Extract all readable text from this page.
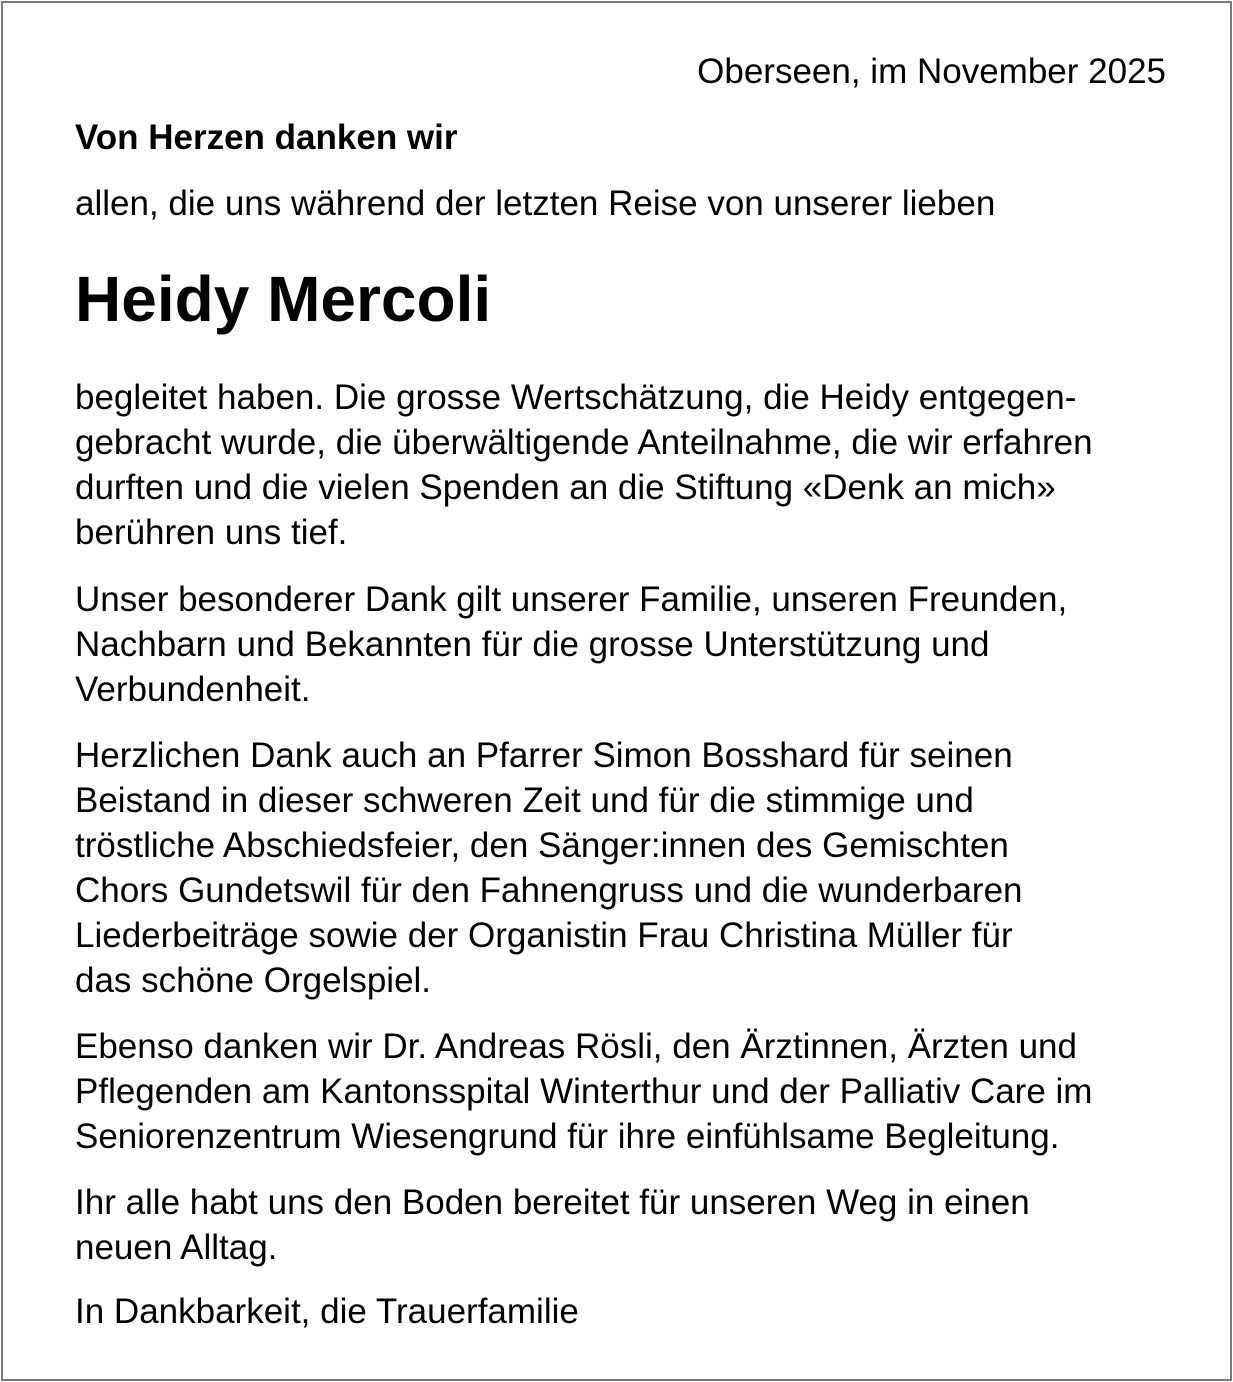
Oberseen, im November 2025
Von Herzen danken wir
allen, die uns während der letzten Reise von unserer lieben
Heidy Mercoli
begleitet haben. Die grosse Wertschätzung, die Heidy entgegen-
gebracht wurde, die überwältigende Anteilnahme, die wir erfahren
durften und die vielen Spenden an die Stiftung «Denk an mich»
berühren uns tief.
Unser besonderer Dank gilt unserer Familie, unseren Freunden,
Nachbarn und Bekannten für die grosse Unterstützung und
Verbundenheit.
Herzlichen Dank auch an Pfarrer Simon Bosshard für seinen
Beistand in dieser schweren Zeit und für die stimmige und
tröstliche Abschiedsfeier, den Sänger:innen des Gemischten
Chors Gundetswil für den Fahnengruss und die wunderbaren
Liederbeiträge sowie der Organistin Frau Christina Müller für
das schöne Orgelspiel.
Ebenso danken wir Dr. Andreas Rösli, den Ärztinnen, Ärzten und
Pflegenden am Kantonsspital Winterthur und der Palliativ Care im
Seniorenzentrum Wiesengrund für ihre einfühlsame Begleitung.
Ihr alle habt uns den Boden bereitet für unseren Weg in einen
neuen Alltag.
In Dankbarkeit, die Trauerfamilie
